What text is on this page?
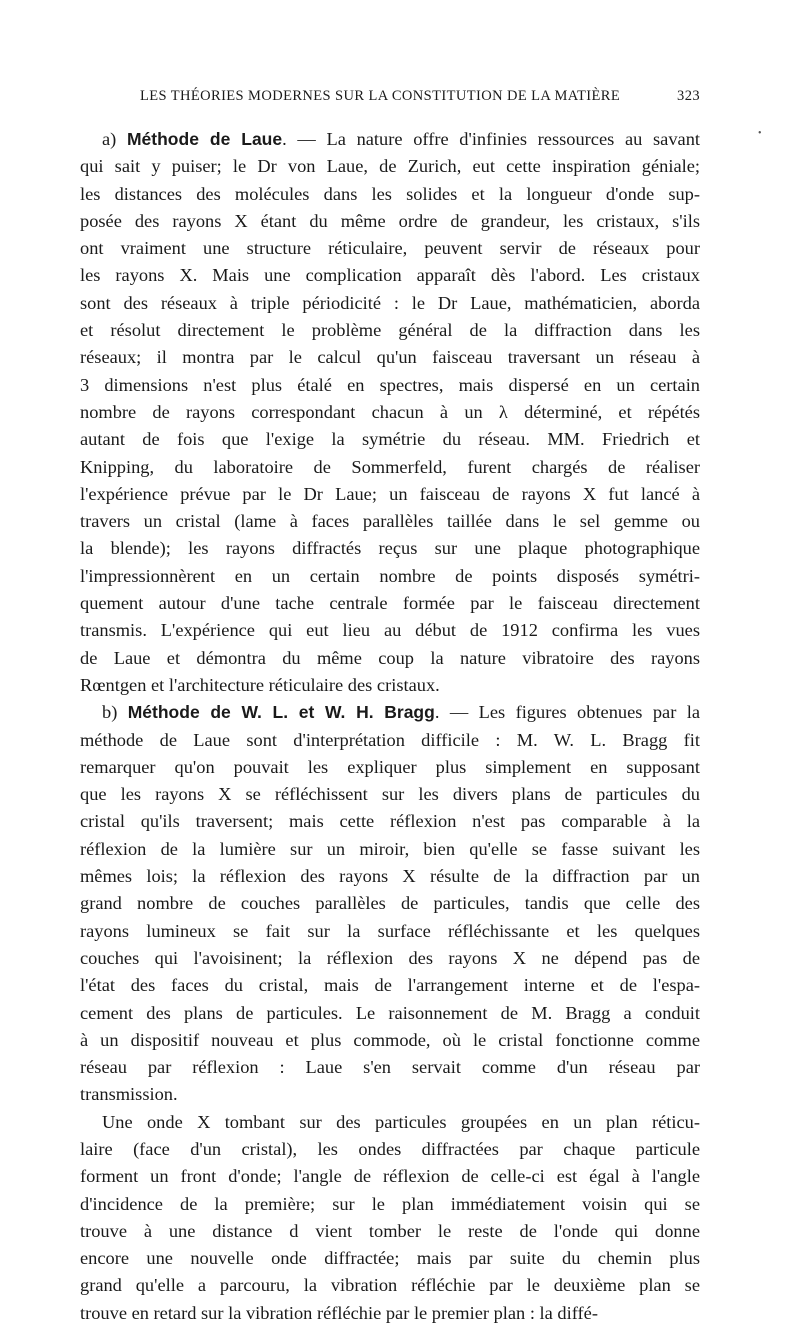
LES THÉORIES MODERNES SUR LA CONSTITUTION DE LA MATIÈRE	323
a) Méthode de Laue. — La nature offre d'infinies ressources au savant
qui sait y puiser; le Dr von Laue, de Zurich, eut cette inspiration géniale;
les distances des molécules dans les solides et la longueur d'onde sup-
posée des rayons X étant du même ordre de grandeur, les cristaux, s'ils
ont vraiment une structure réticulaire, peuvent servir de réseaux pour
les rayons X. Mais une complication apparaît dès l'abord. Les cristaux
sont des réseaux à triple périodicité : le Dr Laue, mathématicien, aborda
et résolut directement le problème général de la diffraction dans les
réseaux; il montra par le calcul qu'un faisceau traversant un réseau à
3 dimensions n'est plus étalé en spectres, mais dispersé en un certain
nombre de rayons correspondant chacun à un λ déterminé, et répétés
autant de fois que l'exige la symétrie du réseau. MM. Friedrich et
Knipping, du laboratoire de Sommerfeld, furent chargés de réaliser
l'expérience prévue par le Dr Laue; un faisceau de rayons X fut lancé à
travers un cristal (lame à faces parallèles taillée dans le sel gemme ou
la blende); les rayons diffractés reçus sur une plaque photographique
l'impressionnèrent en un certain nombre de points disposés symétri-
quement autour d'une tache centrale formée par le faisceau directement
transmis. L'expérience qui eut lieu au début de 1912 confirma les vues
de Laue et démontra du même coup la nature vibratoire des rayons
Rœntgen et l'architecture réticulaire des cristaux.
b) Méthode de W. L. et W. H. Bragg. — Les figures obtenues par la
méthode de Laue sont d'interprétation difficile : M. W. L. Bragg fit
remarquer qu'on pouvait les expliquer plus simplement en supposant
que les rayons X se réfléchissent sur les divers plans de particules du
cristal qu'ils traversent; mais cette réflexion n'est pas comparable à la
réflexion de la lumière sur un miroir, bien qu'elle se fasse suivant les
mêmes lois; la réflexion des rayons X résulte de la diffraction par un
grand nombre de couches parallèles de particules, tandis que celle des
rayons lumineux se fait sur la surface réfléchissante et les quelques
couches qui l'avoisinent; la réflexion des rayons X ne dépend pas de
l'état des faces du cristal, mais de l'arrangement interne et de l'espa-
cement des plans de particules. Le raisonnement de M. Bragg a conduit
à un dispositif nouveau et plus commode, où le cristal fonctionne comme
réseau par réflexion : Laue s'en servait comme d'un réseau par
transmission.
Une onde X tombant sur des particules groupées en un plan réticu-
laire (face d'un cristal), les ondes diffractées par chaque particule
forment un front d'onde; l'angle de réflexion de celle-ci est égal à l'angle
d'incidence de la première; sur le plan immédiatement voisin qui se
trouve à une distance d vient tomber le reste de l'onde qui donne
encore une nouvelle onde diffractée; mais par suite du chemin plus
grand qu'elle a parcouru, la vibration réfléchie par le deuxième plan se
trouve en retard sur la vibration réfléchie par le premier plan : la diffé-
•
